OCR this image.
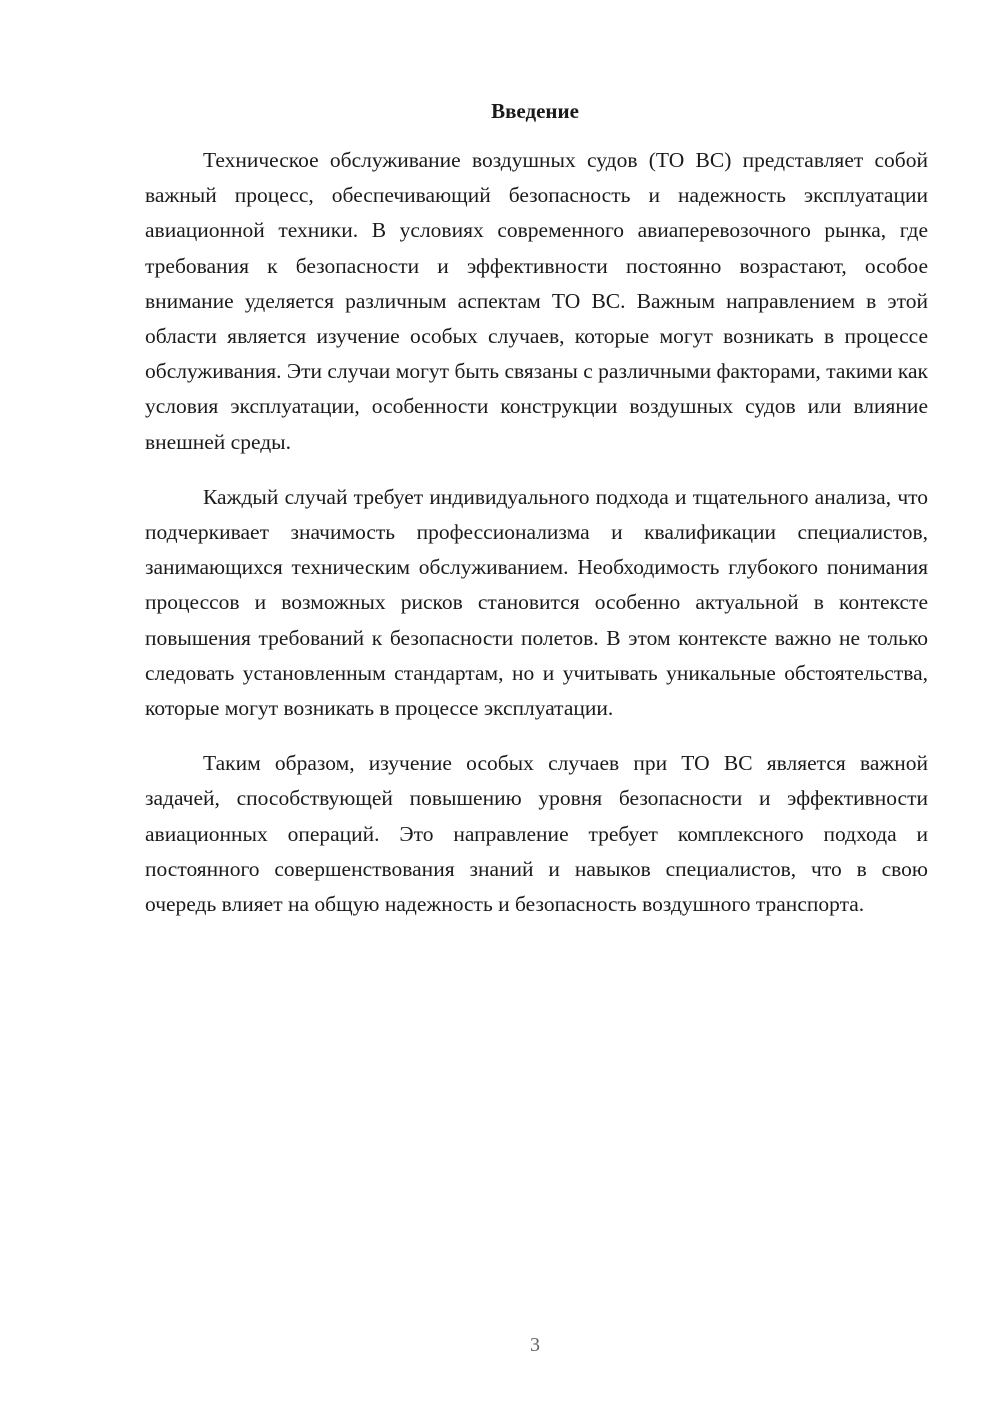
Введение

Техническое обслуживание воздушных судов (ТО ВС) представляет собой важный процесс, обеспечивающий безопасность и надежность эксплуатации авиационной техники. В условиях современного авиаперевозочного рынка, где требования к безопасности и эффективности постоянно возрастают, особое внимание уделяется различным аспектам ТО ВС. Важным направлением в этой области является изучение особых случаев, которые могут возникать в процессе обслуживания. Эти случаи могут быть связаны с различными факторами, такими как условия эксплуатации, особенности конструкции воздушных судов или влияние внешней среды.

Каждый случай требует индивидуального подхода и тщательного анализа, что подчеркивает значимость профессионализма и квалификации специалистов, занимающихся техническим обслуживанием. Необходимость глубокого понимания процессов и возможных рисков становится особенно актуальной в контексте повышения требований к безопасности полетов. В этом контексте важно не только следовать установленным стандартам, но и учитывать уникальные обстоятельства, которые могут возникать в процессе эксплуатации.

Таким образом, изучение особых случаев при ТО ВС является важной задачей, способствующей повышению уровня безопасности и эффективности авиационных операций. Это направление требует комплексного подхода и постоянного совершенствования знаний и навыков специалистов, что в свою очередь влияет на общую надежность и безопасность воздушного транспорта.

3
